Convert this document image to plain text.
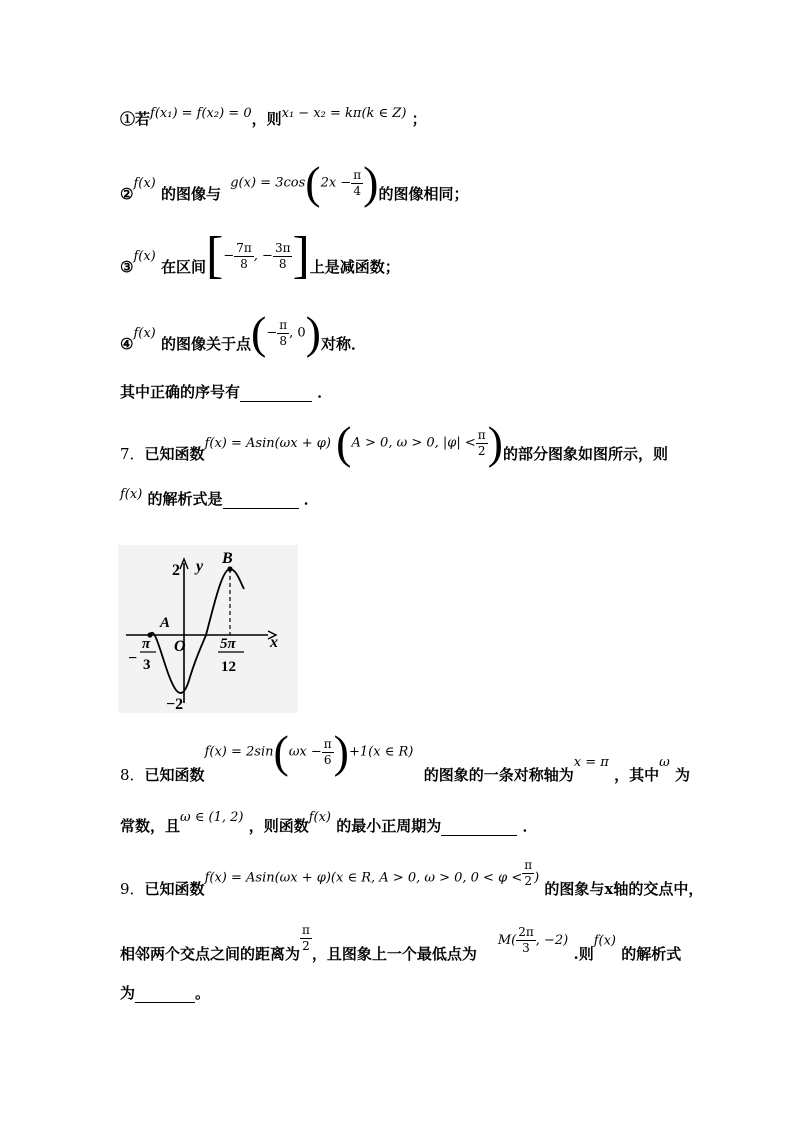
①若f(x₁) = f(x₂) = 0，则x₁ − x₂ = kπ(k ∈ Z) ；
②f(x) 的图像与 $g(x) = 3\cos(2x - \frac{\pi}{4}$ )的图像相同；
③f(x) 在区间[− $\frac{7\pi}{8}$ , − $\frac{3\pi}{8}$ ]上是减函数；
④f(x) 的图像关于点(− $\frac{\pi}{8}$ , 0)对称．
其中正确的序号有	．
7．已知函数f(x) = Asin(ωx + φ) (A > 0, ω > 0, $|\varphi| < \frac{\pi}{2}$ )的部分图象如图所示，则
f(x) 的解析式是	．
A
B
x
y
O
2
−2
−
π
3
5π
12
8．已知函数$f(x) = 2\sin(\omega x - \frac{\pi}{6} )+1(x$ ∈ R)  的图象的一条对称轴为x = π ，其中ω 为
常数，且ω ∈ (1, 2) ，则函数f(x) 的最小正周期为	．
9．已知函数f(x) = Asin(ωx + φ)(x ∈ R, A > 0, ω > 0, $0 < \varphi < \frac{\pi}{2}$ ) 的图象与x轴的交点中，
相邻两个交点之间的距离为 $\frac{\pi}{2}$ ，且图象上一个最低点为    $M( \frac{2\pi}{3}$ , −2) .则f(x) 的解析式
为	。
